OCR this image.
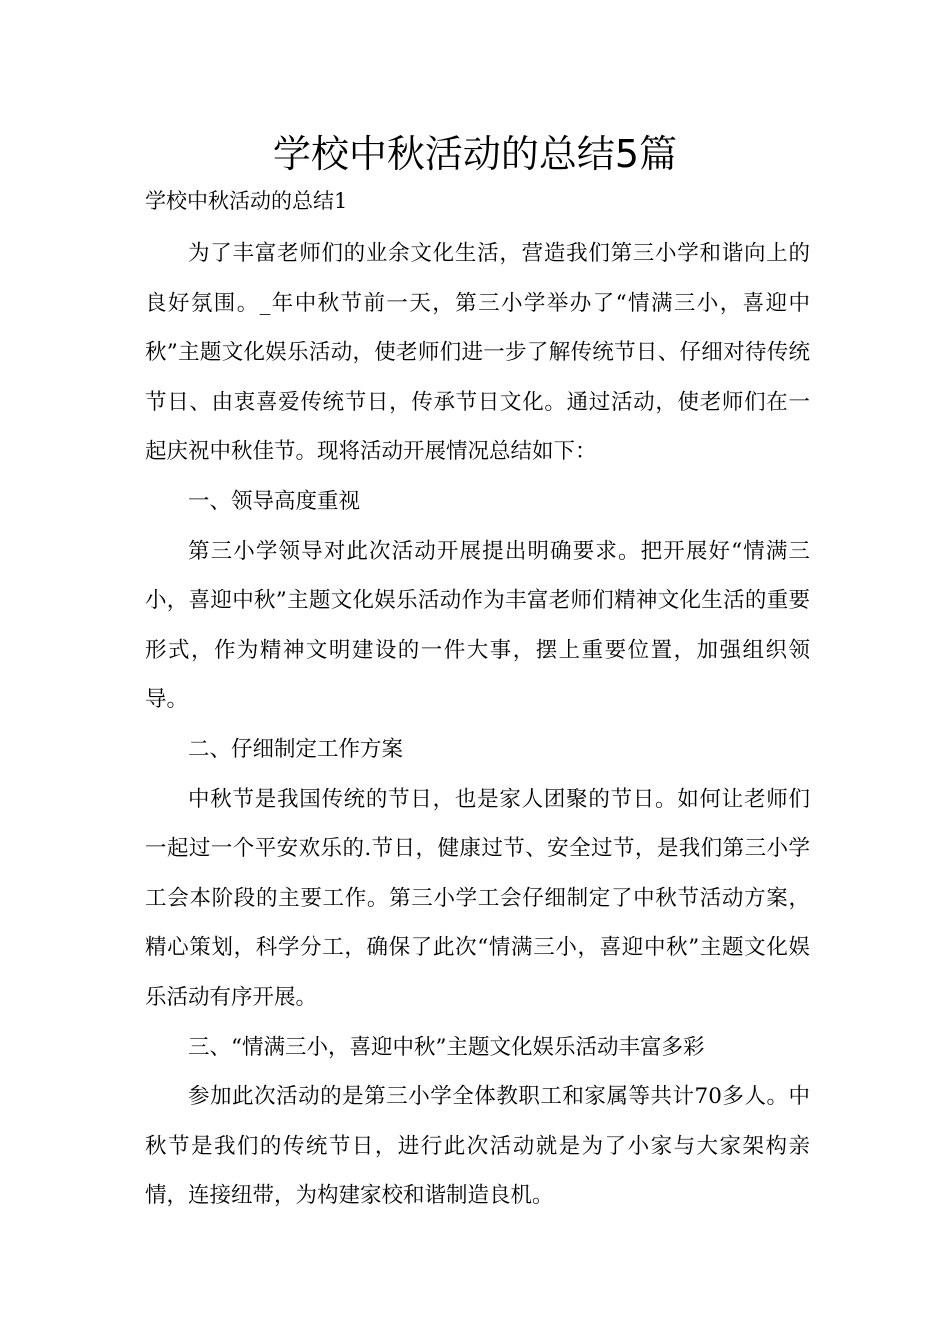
学校中秋活动的总结5篇
学校中秋活动的总结1

为了丰富老师们的业余文化生活，营造我们第三小学和谐向上的良好氛围。_年中秋节前一天，第三小学举办了“情满三小，喜迎中秋”主题文化娱乐活动，使老师们进一步了解传统节日、仔细对待传统节日、由衷喜爱传统节日，传承节日文化。通过活动，使老师们在一起庆祝中秋佳节。现将活动开展情况总结如下：

一、领导高度重视

第三小学领导对此次活动开展提出明确要求。把开展好“情满三小，喜迎中秋”主题文化娱乐活动作为丰富老师们精神文化生活的重要形式，作为精神文明建设的一件大事，摆上重要位置，加强组织领导。

二、仔细制定工作方案

中秋节是我国传统的节日，也是家人团聚的节日。如何让老师们一起过一个平安欢乐的.节日，健康过节、安全过节，是我们第三小学工会本阶段的主要工作。第三小学工会仔细制定了中秋节活动方案，精心策划，科学分工，确保了此次“情满三小，喜迎中秋”主题文化娱乐活动有序开展。

三、“情满三小，喜迎中秋”主题文化娱乐活动丰富多彩

参加此次活动的是第三小学全体教职工和家属等共计70多人。中秋节是我们的传统节日，进行此次活动就是为了小家与大家架构亲情，连接纽带，为构建家校和谐制造良机。
